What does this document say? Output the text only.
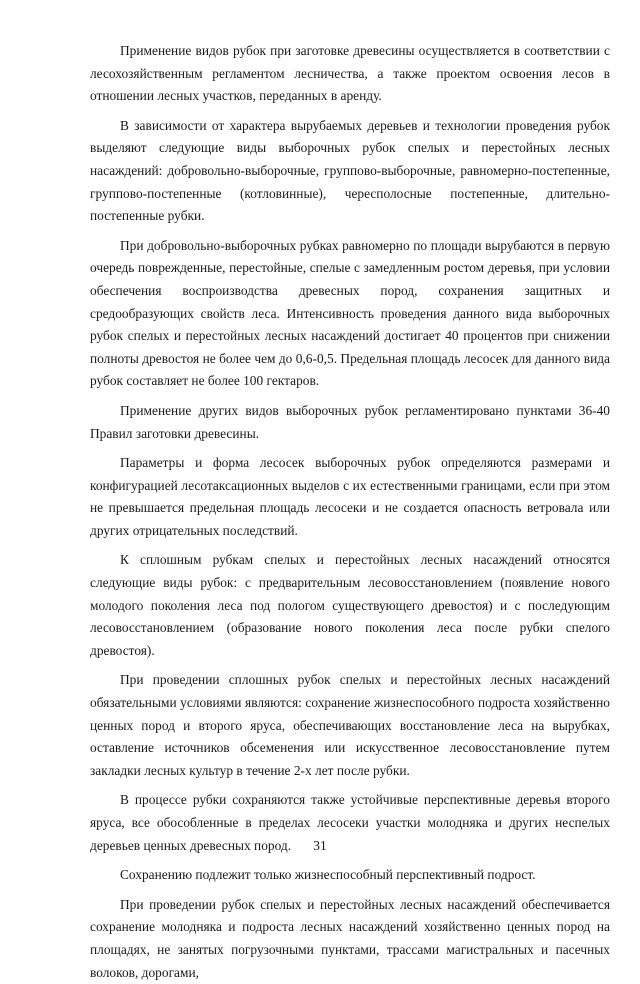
Применение видов рубок при заготовке древесины осуществляется в соответствии с лесохозяйственным регламентом лесничества, а также проектом освоения лесов в отношении лесных участков, переданных в аренду.

В зависимости от характера вырубаемых деревьев и технологии проведения рубок выделяют следующие виды выборочных рубок спелых и перестойных лесных насаждений: добровольно-выборочные, группово-выборочные, равномерно-постепенные, группово-постепенные (котловинные), чересполосные постепенные, длительно-постепенные рубки.

При добровольно-выборочных рубках равномерно по площади вырубаются в первую очередь поврежденные, перестойные, спелые с замедленным ростом деревья, при условии обеспечения воспроизводства древесных пород, сохранения защитных и средообразующих свойств леса. Интенсивность проведения данного вида выборочных рубок спелых и перестойных лесных насаждений достигает 40 процентов при снижении полноты древостоя не более чем до 0,6-0,5. Предельная площадь лесосек для данного вида рубок составляет не более 100 гектаров.

Применение других видов выборочных рубок регламентировано пунктами 36-40 Правил заготовки древесины.

Параметры и форма лесосек выборочных рубок определяются размерами и конфигурацией лесотаксационных выделов с их естественными границами, если при этом не превышается предельная площадь лесосеки и не создается опасность ветровала или других отрицательных последствий.

К сплошным рубкам спелых и перестойных лесных насаждений относятся следующие виды рубок: с предварительным лесовосстановлением (появление нового молодого поколения леса под пологом существующего древостоя) и с последующим лесовосстановлением (образование нового поколения леса после рубки спелого древостоя).

При проведении сплошных рубок спелых и перестойных лесных насаждений обязательными условиями являются: сохранение жизнеспособного подроста хозяйственно ценных пород и второго яруса, обеспечивающих восстановление леса на вырубках, оставление источников обсеменения или искусственное лесовосстановление путем закладки лесных культур в течение 2-х лет после рубки.

В процессе рубки сохраняются также устойчивые перспективные деревья второго яруса, все обособленные в пределах лесосеки участки молодняка и других неспелых деревьев ценных древесных пород.

Сохранению подлежит только жизнеспособный перспективный подрост.

При проведении рубок спелых и перестойных лесных насаждений обеспечивается сохранение молодняка и подроста лесных насаждений хозяйственно ценных пород на площадях, не занятых погрузочными пунктами, трассами магистральных и пасечных волоков, дорогами,

31
